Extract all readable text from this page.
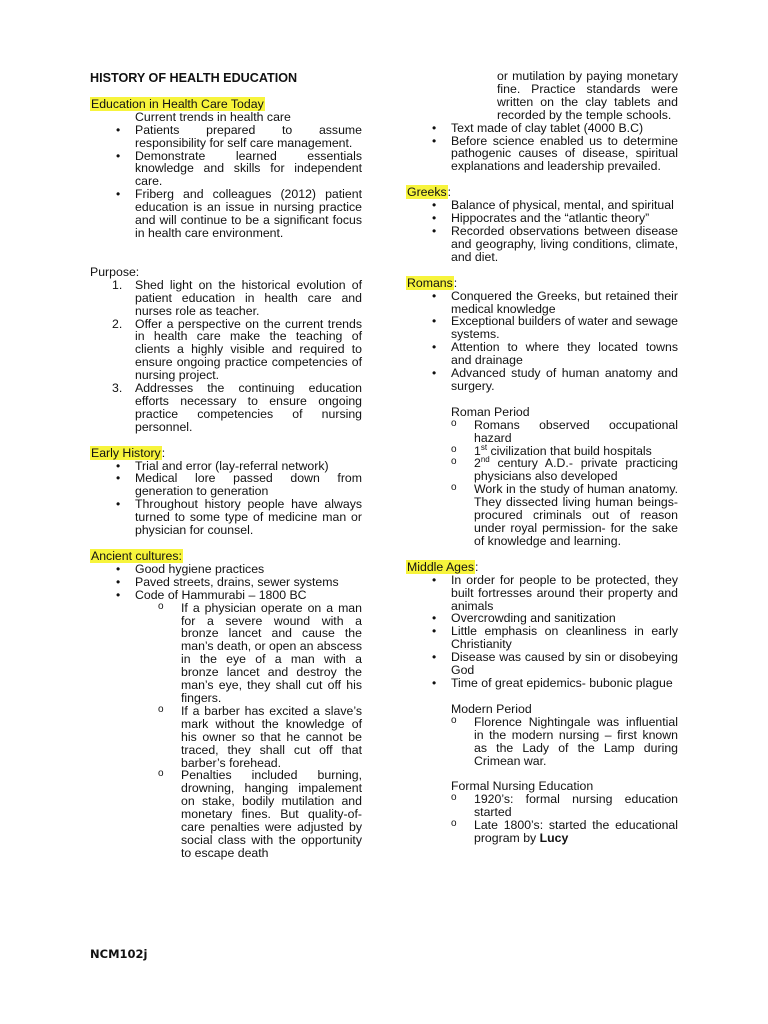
HISTORY OF HEALTH EDUCATION
Education in Health Care Today
Current trends in health care
• Patients prepared to assume responsibility for self care management.
• Demonstrate learned essentials knowledge and skills for independent care.
• Friberg and colleagues (2012) patient education is an issue in nursing practice and will continue to be a significant focus in health care environment.
Purpose:
1. Shed light on the historical evolution of patient education in health care and nurses role as teacher.
2. Offer a perspective on the current trends in health care make the teaching of clients a highly visible and required to ensure ongoing practice competencies of nursing project.
3. Addresses the continuing education efforts necessary to ensure ongoing practice competencies of nursing personnel.
Early History:
• Trial and error (lay-referral network)
• Medical lore passed down from generation to generation
• Throughout history people have always turned to some type of medicine man or physician for counsel.
Ancient cultures:
• Good hygiene practices
• Paved streets, drains, sewer systems
• Code of Hammurabi – 1800 BC
o If a physician operate on a man for a severe wound with a bronze lancet and cause the man’s death, or open an abscess in the eye of a man with a bronze lancet and destroy the man’s eye, they shall cut off his fingers.
o If a barber has excited a slave’s mark without the knowledge of his owner so that he cannot be traced, they shall cut off that barber’s forehead.
o Penalties included burning, drowning, hanging impalement on stake, bodily mutilation and monetary fines. But quality-of-care penalties were adjusted by social class with the opportunity to escape death
or mutilation by paying monetary fine. Practice standards were written on the clay tablets and recorded by the temple schools.
• Text made of clay tablet (4000 B.C)
• Before science enabled us to determine pathogenic causes of disease, spiritual explanations and leadership prevailed.
Greeks:
• Balance of physical, mental, and spiritual
• Hippocrates and the “atlantic theory”
• Recorded observations between disease and geography, living conditions, climate, and diet.
Romans:
• Conquered the Greeks, but retained their medical knowledge
• Exceptional builders of water and sewage systems.
• Attention to where they located towns and drainage
• Advanced study of human anatomy and surgery.
Roman Period
o Romans observed occupational hazard
o 1st civilization that build hospitals
o 2nd century A.D.- private practicing physicians also developed
o Work in the study of human anatomy. They dissected living human beings- procured criminals out of reason under royal permission- for the sake of knowledge and learning.
Middle Ages:
• In order for people to be protected, they built fortresses around their property and animals
• Overcrowding and sanitization
• Little emphasis on cleanliness in early Christianity
• Disease was caused by sin or disobeying God
• Time of great epidemics- bubonic plague
Modern Period
o Florence Nightingale was influential in the modern nursing – first known as the Lady of the Lamp during Crimean war.
Formal Nursing Education
o 1920’s: formal nursing education started
o Late 1800’s: started the educational program by Lucy
NCM102j
